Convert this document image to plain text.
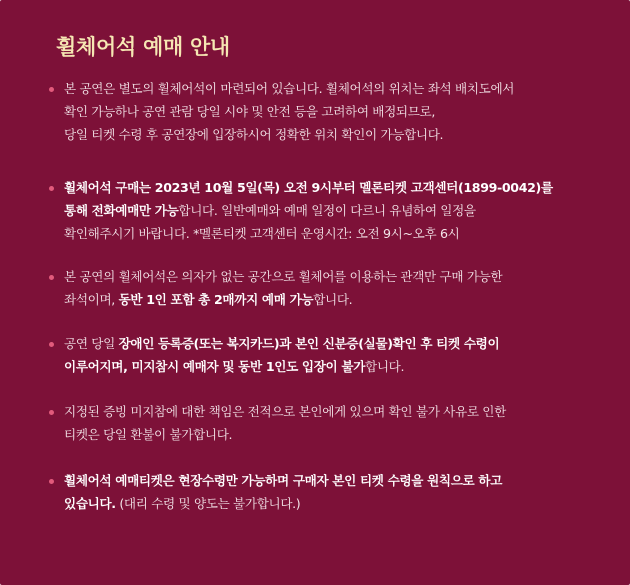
휠체어석 예매 안내
본 공연은 별도의 휠체어석이 마련되어 있습니다. 휠체어석의 위치는 좌석 배치도에서
확인 가능하나 공연 관람 당일 시야 및 안전 등을 고려하여 배정되므로,
당일 티켓 수령 후 공연장에 입장하시어 정확한 위치 확인이 가능합니다.
휠체어석 구매는 2023년 10월 5일(목) 오전 9시부터 멜론티켓 고객센터(1899-0042)를
통해 전화예매만 가능합니다. 일반예매와 예매 일정이 다르니 유념하여 일정을
확인해주시기 바랍니다. *멜론티켓 고객센터 운영시간: 오전 9시~오후 6시
본 공연의 휠체어석은 의자가 없는 공간으로 휠체어를 이용하는 관객만 구매 가능한
좌석이며, 동반 1인 포함 총 2매까지 예매 가능합니다.
공연 당일 장애인 등록증(또는 복지카드)과 본인 신분증(실물)확인 후 티켓 수령이
이루어지며, 미지참시 예매자 및 동반 1인도 입장이 불가합니다.
지정된 증빙 미지참에 대한 책임은 전적으로 본인에게 있으며 확인 불가 사유로 인한
티켓은 당일 환불이 불가합니다.
휠체어석 예매티켓은 현장수령만 가능하며 구매자 본인 티켓 수령을 원칙으로 하고
있습니다. (대리 수령 및 양도는 불가합니다.)
